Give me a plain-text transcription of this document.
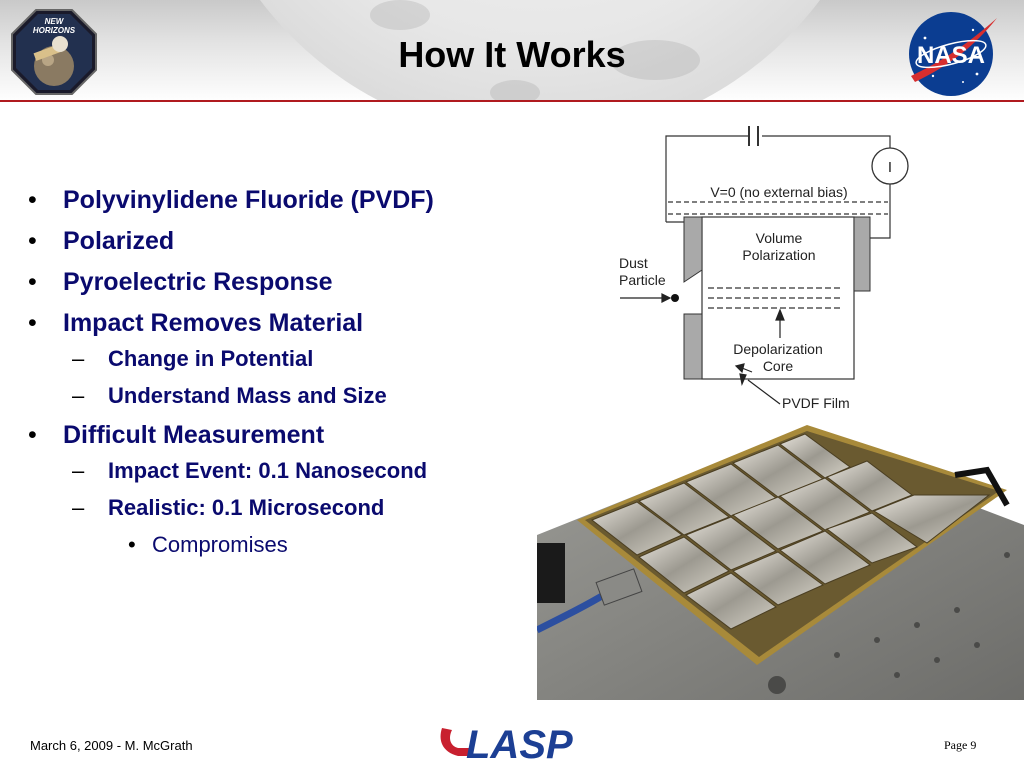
NEW
HORIZONS
How It Works	NASA
• Polyvinylidene Fluoride (PVDF)
• Polarized
• Pyroelectric Response
• Impact Removes Material
– Change in Potential
– Understand Mass and Size
• Difficult Measurement
– Impact Event: 0.1 Nanosecond
– Realistic: 0.1 Microsecond
• Compromises
I
V=0 (no external bias)
Volume
Polarization
Dust
Particle
Depolarization
Core
PVDF Film
March 6, 2009 - M. McGrath	LASP	Page 9
